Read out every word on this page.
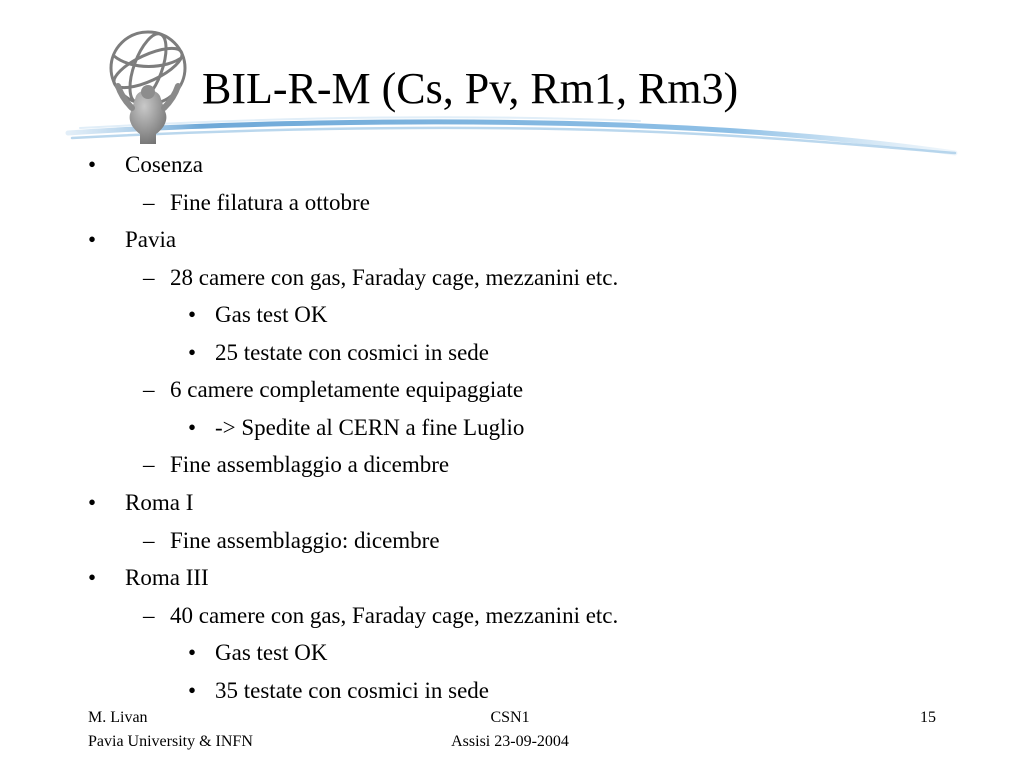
BIL-R-M (Cs, Pv, Rm1, Rm3)
• Cosenza
– Fine filatura a ottobre
• Pavia
– 28 camere con gas, Faraday cage, mezzanini etc.
• Gas test OK
• 25 testate con cosmici in sede
– 6 camere completamente equipaggiate
• -> Spedite al CERN a fine Luglio
– Fine assemblaggio a dicembre
• Roma I
– Fine assemblaggio: dicembre
• Roma III
– 40 camere con gas, Faraday cage, mezzanini etc.
• Gas test OK
• 35 testate con cosmici in sede
M. Livan
Pavia University & INFN
CSN1
Assisi 23-09-2004
15
